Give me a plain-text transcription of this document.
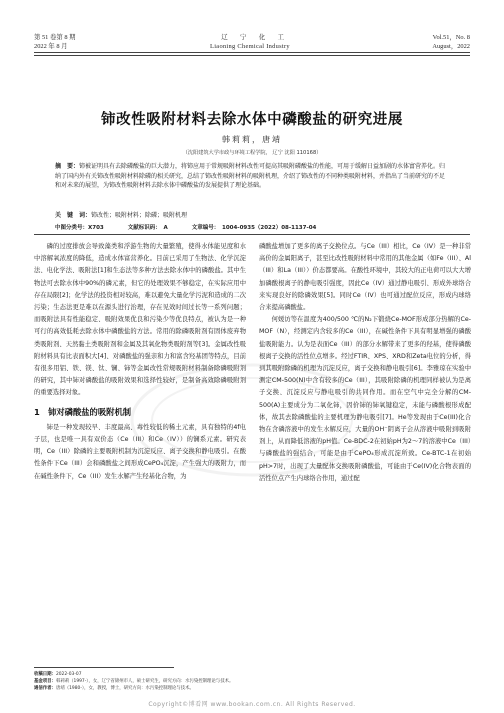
第 51 卷第 8 期	辽　宁　化　工	Vol.51，No. 8
2022 年 8 月	Liaoning Chemical Industry	August，2022
铈改性吸附材料去除水体中磷酸盐的研究进展
韩莉莉，唐靖
（沈阳建筑大学市政与环境工程学院， 辽宁 沈阳 110168）
摘　要：铈被证明具有去除磷酸盐的巨大潜力，将铈应用于常规吸附材料改性可提高其吸附磷酸盐的性能，可用于缓解日益加剧的水体富营养化。归纳了国内外有关铈改性吸附材料除磷的相关研究，总结了铈改性吸附材料的吸附机理，介绍了铈改性的不同种类吸附材料，并指出了当前研究的不足和对未来的展望，为铈改性吸附材料去除水体中磷酸盐的发展提供了理论基础。
关　键　词：铈改性；吸附材料；除磷；吸附机理
中图分类号：X703	文献标识码：　A	文章编号：　1004-0935（2022）08-1137-04

磷的过度排放会导致藻类和浮游生物的大量繁殖，使得水体能见度和水中溶解氧浓度的降低，造成水体富营养化。目前已采用了生物法、化学沉淀法、电化学法、吸附法[1]和生态法等多种方法去除水体中的磷酸盐。其中生物法可去除水体中90%的磷元素，但它的处理效果不够稳定，在实际应用中存在局限[2]；化学法的投资相对较高，难以避免大量化学污泥和造成的二次污染；生态法更是难以在源头进行治理，存在见效时间过长等一系列问题；而吸附法具有性能稳定、吸附效果优良和污染少等优良特点，被认为是一种可行的高效低耗去除水体中磷酸盐的方法。常用的除磷吸附剂有固体废弃物类吸附剂、天然黏土类吸附剂和金属及其氧化物类吸附剂等[3]。金属改性吸附材料具有比表面积大[4]、对磷酸盐的强亲和力和富含羟基团等特点，目前有很多用铝、铁、镁、钛、镧、铈等金属改性常规吸附材料制备除磷吸附剂的研究，其中铈对磷酸盐的吸附效果和选择性较好，是制备高效除磷吸附剂的重要选择对象。

1　铈对磷酸盐的吸附机制

铈是一种发现较早、丰度最高、毒性较低的稀土元素，具有独特的4f电子层，也是唯一具有双价态（Ce（III）和Ce（IV））的镧系元素。研究表明，Ce（III）除磷的主要吸附机制为沉淀反应、离子交换和静电吸引。在酸性条件下Ce（III）会和磷酸盐之间形成CePO₄沉淀，产生强大的吸附力，而在碱性条件下，Ce（III）发生水解产生羟基化合物，为

磷酸盐增加了更多的离子交换位点。与Ce（III）相比，Ce（IV）是一种非常高价的金属阳离子，甚至比改性吸附材料中常用的其他金属（如Fe（III）、Al（III）和La（III））价态都要高。在酸性环境中，其较大的正电荷可以大大增加磷酸根离子的静电吸引强度，因此Ce（IV）通过静电吸引、形成外球络合来实现良好的除磷效果[5]。同时Ce（IV）也可通过配位反应，形成内球络合来提高磷酸盐。

何媛访等在温度为400/500 ℃的N₂下锻烧Ce-MOF形成部分热解的Ce-MOF（N），经测定内含较多的Ce（III），在碱性条件下具有明显增强的磷酸盐吸附能力。认为是表面Ce（III）的部分水解带来了更多的羟基，使得磷酸根离子交换的活性位点增多。经过FTIR、XPS、XRD和Zeta电位的分析，得到其吸附除磷的机理为沉淀反应，离子交换和静电吸引[6]。李雅琼在实验中测定CM-500(N)中含有较多的Ce（III），其吸附除磷的机理同样被认为是离子交换、沉淀反应与静电吸引的共同作用。而在空气中完全分解的CM-500(A)主要成分为二氧化铈，因价铈的铈氧键稳定，未能与磷酸根形成配体，故其去除磷酸盐的主要机理为静电吸引[7]。He等发现由于Ce(III)化合物在含磷溶液中的发生水解反应，大量的OH⁻阴离子会从溶液中吸附到吸附剂上，从而降低溶液的pH值。Ce-BDC-2在初始pH为2～7的溶液中Ce（III）与磷酸盐的强结合，可能是由于CePO₄形成沉淀所致。Ce-BTC-1在初始pH>7时，出现了大量配体交换吸附磷酸盐，可能由于Ce(IV)化合物表面的活性位点产生内球络合作用，通过配

收稿日期：2022-03-07
基金项目：韩莉莉（1997-），女，辽宁省锦州市人，硕士研究生，研究方向：水污染控制理论与技术。
通信作者：唐靖（1980-），女，教授，博士，研究方向：水污染控制理论与技术。
Copyright©博看网 www.bookan.com.cn. All Rights Reserved.
